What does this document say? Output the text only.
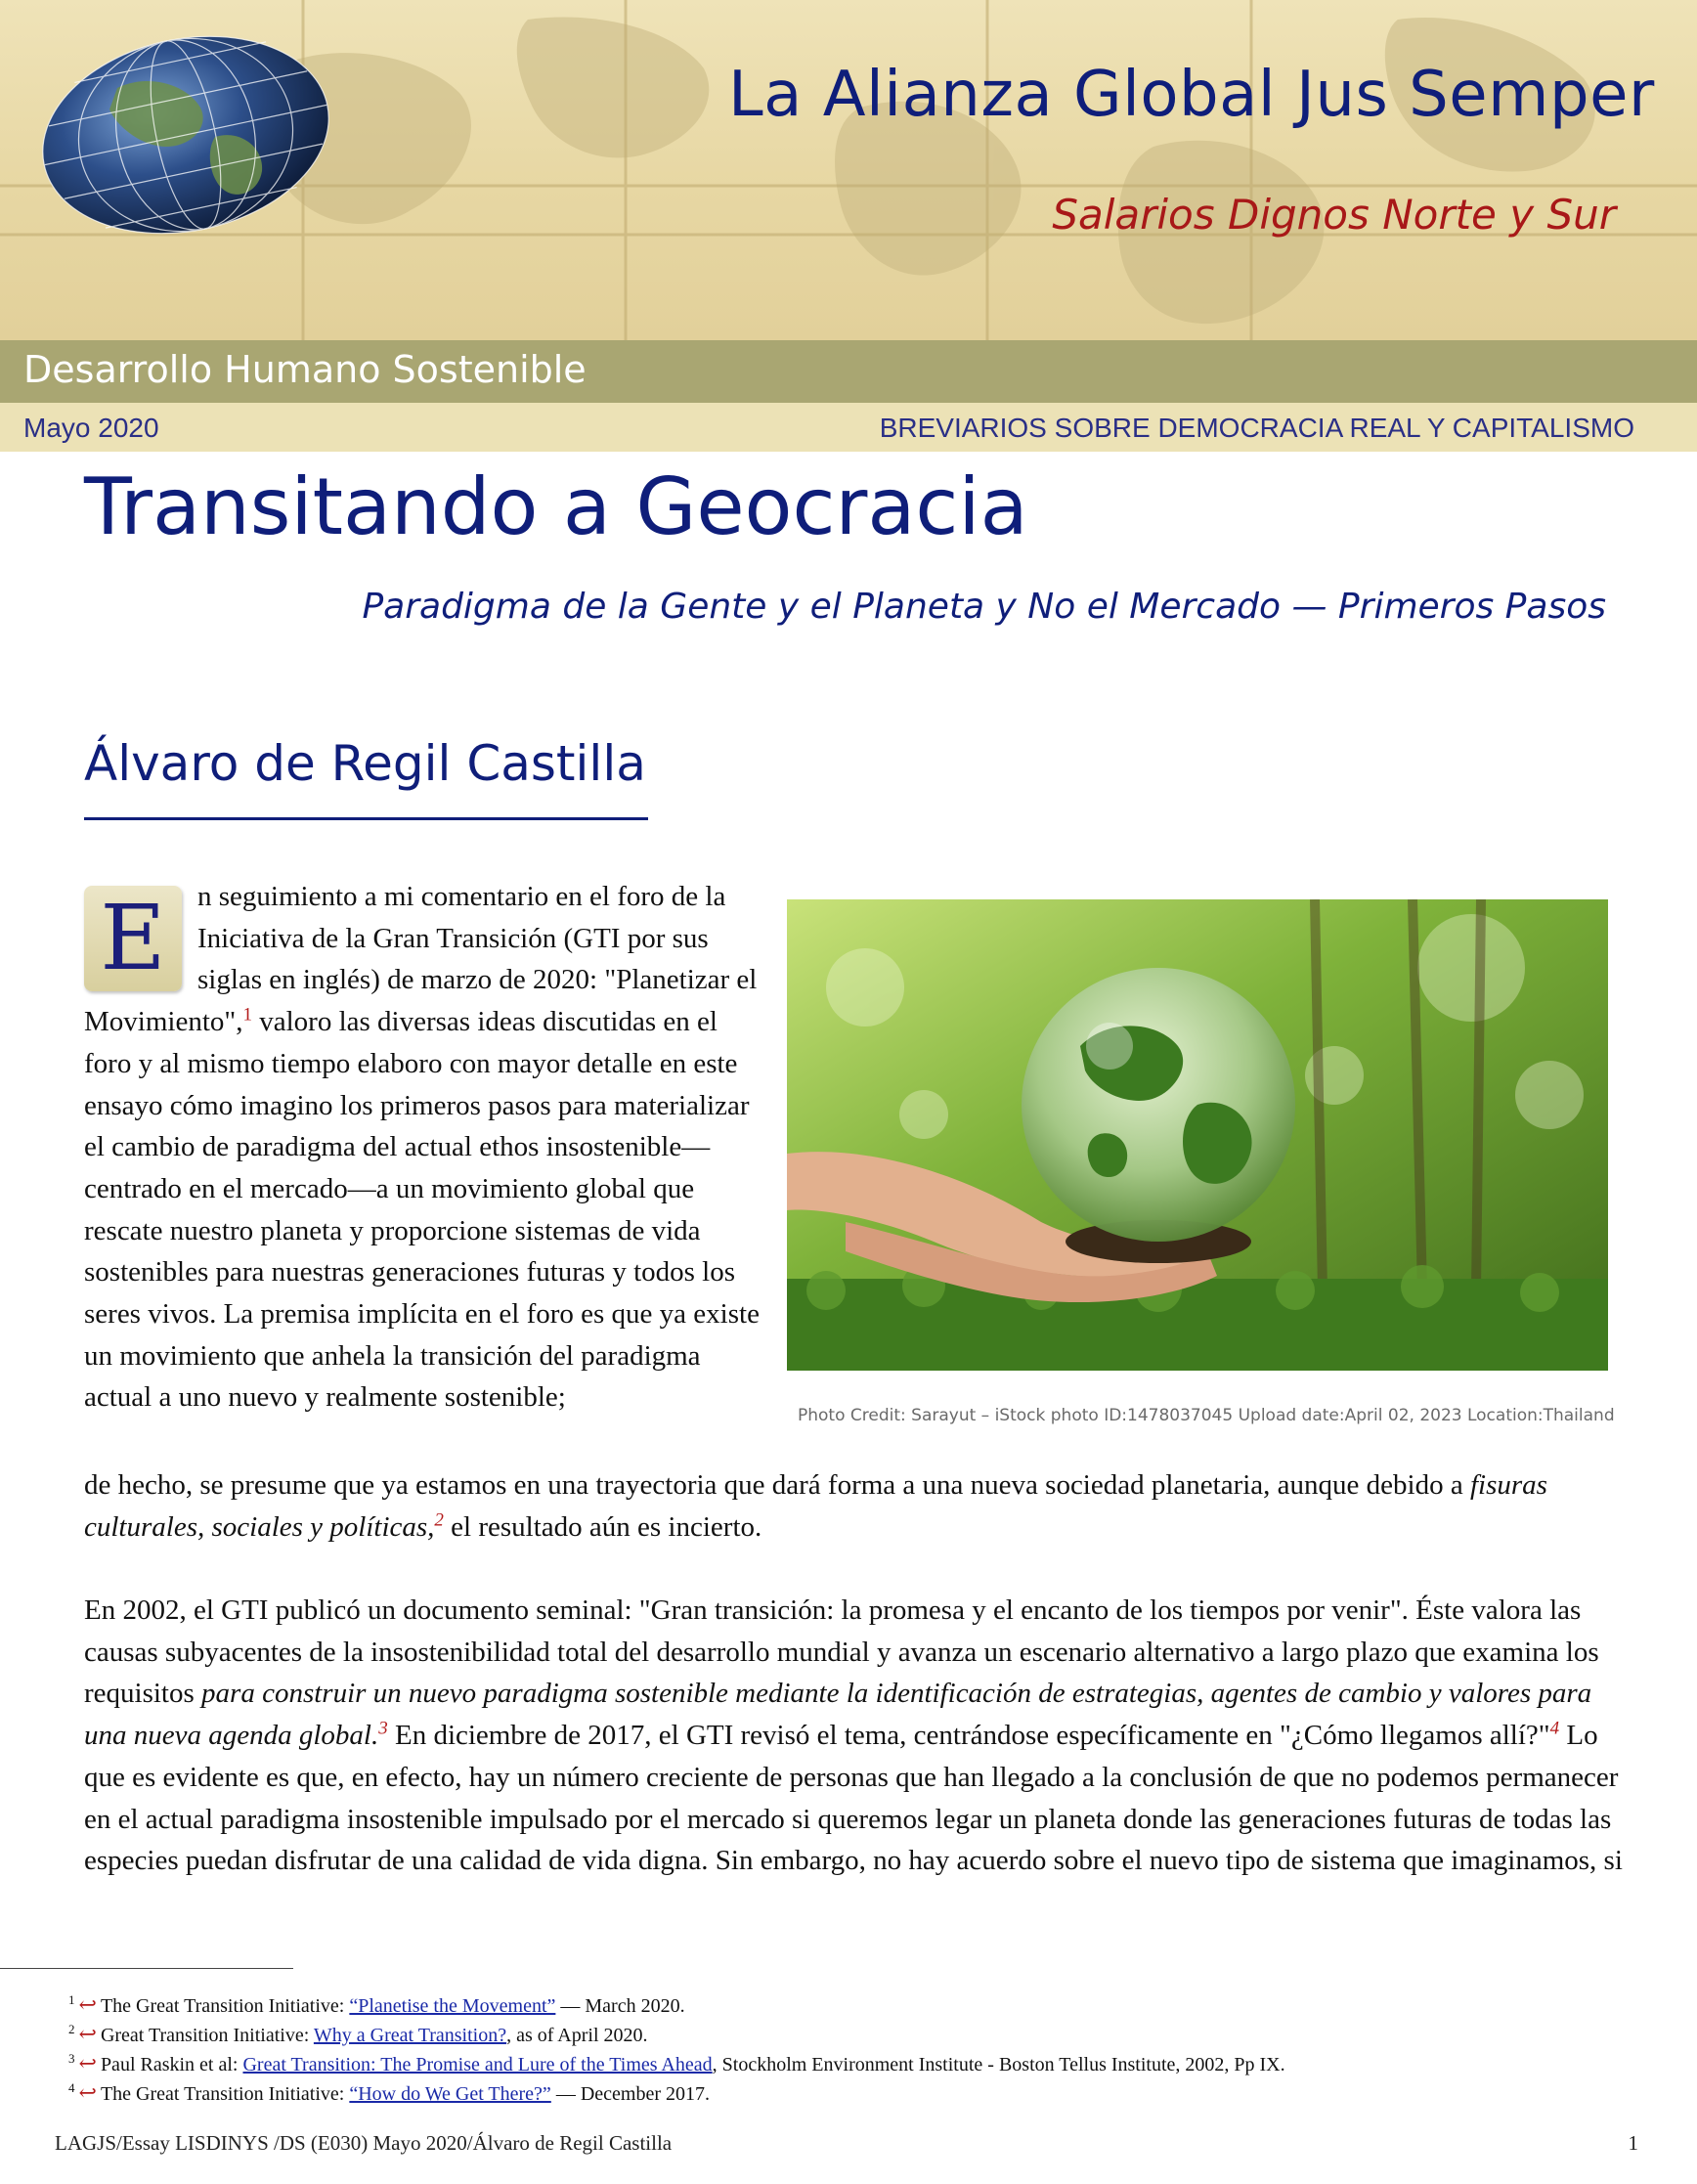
La Alianza Global Jus Semper
Salarios Dignos Norte y Sur
Desarrollo Humano Sostenible
Mayo 2020	BREVIARIOS SOBRE DEMOCRACIA REAL Y CAPITALISMO
Transitando a Geocracia
Paradigma de la Gente y el Planeta y No el Mercado — Primeros Pasos
Álvaro de Regil Castilla
E	n seguimiento a mi comentario en el foro de la Iniciativa de la Gran Transición (GTI por sus siglas en inglés) de marzo de 2020: "Planetizar el Movimiento",$^1$ valoro las diversas ideas discutidas en el foro y al mismo tiempo elaboro con mayor detalle en este ensayo cómo imagino los primeros pasos para materializar el cambio de paradigma del actual ethos insostenible—centrado en el mercado—a un movimiento global que rescate nuestro planeta y proporcione sistemas de vida sostenibles para nuestras generaciones futuras y todos los seres vivos. La premisa implícita en el foro es que ya existe un movimiento que anhela la transición del paradigma actual a uno nuevo y realmente sostenible;

Photo Credit: Sarayut – iStock photo ID:1478037045 Upload date:April 02, 2023 Location:Thailand

de hecho, se presume que ya estamos en una trayectoria que dará forma a una nueva sociedad planetaria, aunque debido a fisuras culturales, sociales y políticas,$^2$ el resultado aún es incierto.

En 2002, el GTI publicó un documento seminal: "Gran transición: la promesa y el encanto de los tiempos por venir". Éste valora las causas subyacentes de la insostenibilidad total del desarrollo mundial y avanza un escenario alternativo a largo plazo que examina los requisitos para construir un nuevo paradigma sostenible mediante la identificación de estrategias, agentes de cambio y valores para una nueva agenda global.$^3$ En diciembre de 2017, el GTI revisó el tema, centrándose específicamente en "¿Cómo llegamos allí?"$^4$ Lo que es evidente es que, en efecto, hay un número creciente de personas que han llegado a la conclusión de que no podemos permanecer en el actual paradigma insostenible impulsado por el mercado si queremos legar un planeta donde las generaciones futuras de todas las especies puedan disfrutar de una calidad de vida digna. Sin embargo, no hay acuerdo sobre el nuevo tipo de sistema que imaginamos, si

$^1$ ↩ The Great Transition Initiative: “Planetise the Movement” — March 2020.
$^2$ ↩ Great Transition Initiative: Why a Great Transition?, as of April 2020.
$^3$ ↩ Paul Raskin et al: Great Transition: The Promise and Lure of the Times Ahead, Stockholm Environment Institute - Boston Tellus Institute, 2002, Pp IX.
$^4$ ↩ The Great Transition Initiative: “How do We Get There?” — December 2017.
LAGJS/Essay LISDINYS /DS (E030) Mayo 2020/Álvaro de Regil Castilla	1
